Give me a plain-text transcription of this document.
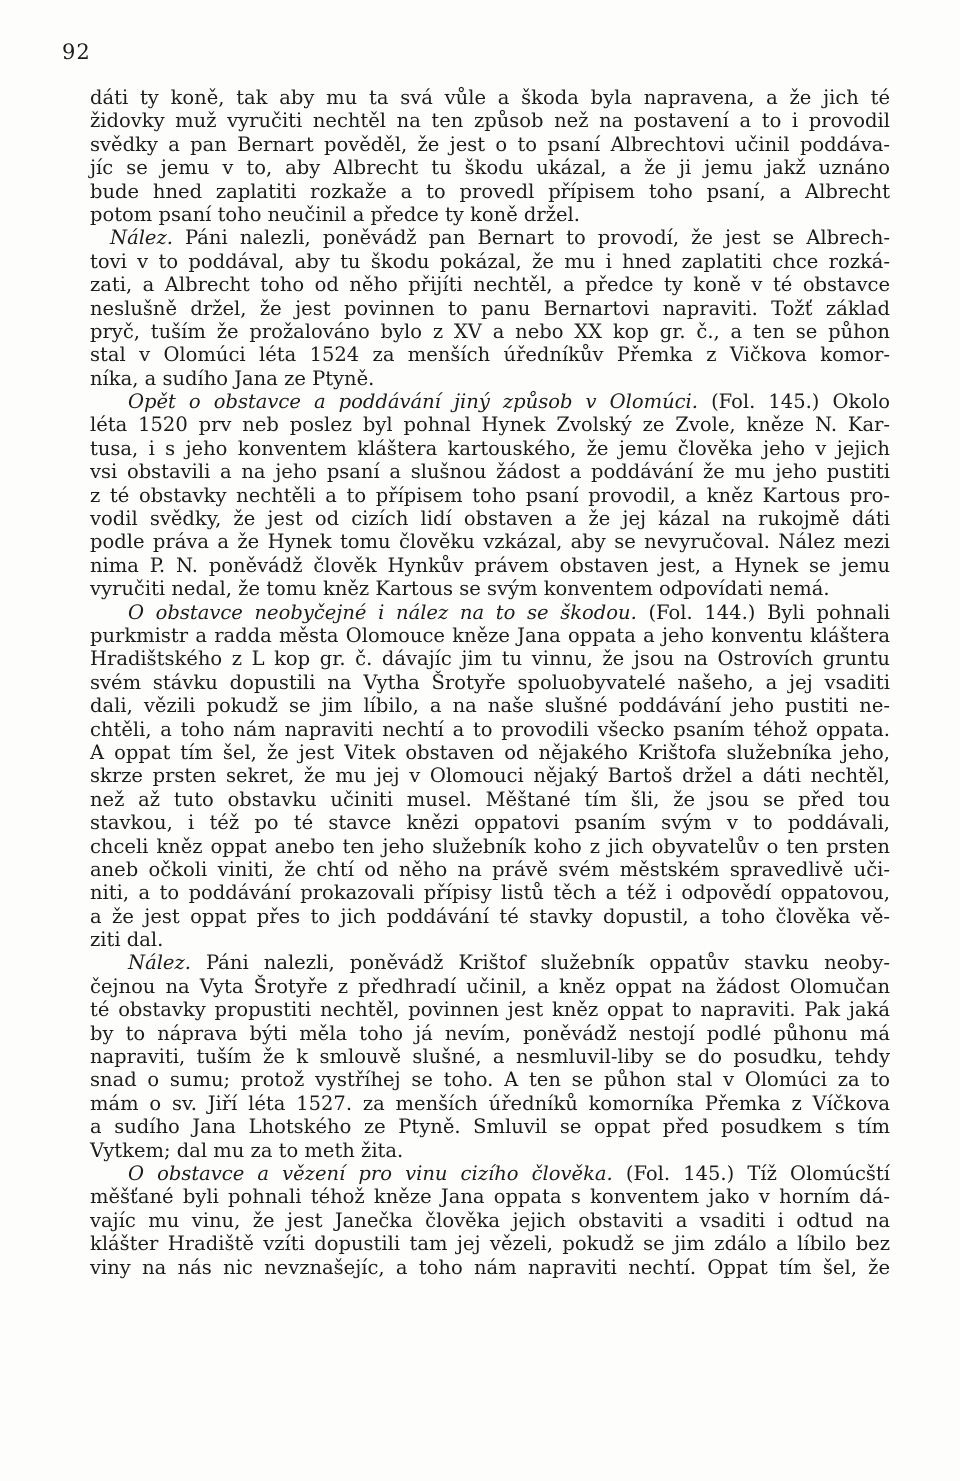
92
dáti ty koně, tak aby mu ta svá vůle a škoda byla napravena, a že jich té
židovky muž vyručiti nechtěl na ten způsob než na postavení a to i provodil
svědky a pan Bernart pověděl, že jest o to psaní Albrechtovi učinil poddáva-
jíc se jemu v to, aby Albrecht tu škodu ukázal, a že ji jemu jakž uznáno
bude hned zaplatiti rozkaže a to provedl přípisem toho psaní, a Albrecht
potom psaní toho neučinil a předce ty koně držel.
Nález. Páni nalezli, poněvádž pan Bernart to provodí, že jest se Albrech-
tovi v to poddával, aby tu škodu pokázal, že mu i hned zaplatiti chce rozká-
zati, a Albrecht toho od něho přijíti nechtěl, a předce ty koně v té obstavce
neslušně držel, že jest povinnen to panu Bernartovi napraviti. Tožť základ
pryč, tuším že prožalováno bylo z XV a nebo XX kop gr. č., a ten se půhon
stal v Olomúci léta 1524 za menších úředníkův Přemka z Vičkova komor-
níka, a sudího Jana ze Ptyně.
Opět o obstavce a poddávání jiný způsob v Olomúci. (Fol. 145.) Okolo
léta 1520 prv neb poslez byl pohnal Hynek Zvolský ze Zvole, kněze N. Kar-
tusa, i s jeho konventem kláštera kartouského, že jemu člověka jeho v jejich
vsi obstavili a na jeho psaní a slušnou žádost a poddávání že mu jeho pustiti
z té obstavky nechtěli a to přípisem toho psaní provodil, a kněz Kartous pro-
vodil svědky, že jest od cizích lidí obstaven a že jej kázal na rukojmě dáti
podle práva a že Hynek tomu člověku vzkázal, aby se nevyručoval. Nález mezi
nima P. N. poněvádž člověk Hynkův právem obstaven jest, a Hynek se jemu
vyručiti nedal, že tomu kněz Kartous se svým konventem odpovídati nemá.
O obstavce neobyčejné i nález na to se škodou. (Fol. 144.) Byli pohnali
purkmistr a radda města Olomouce kněze Jana oppata a jeho konventu kláštera
Hradištského z L kop gr. č. dávajíc jim tu vinnu, že jsou na Ostrovích gruntu
svém stávku dopustili na Vytha Šrotyře spoluobyvatelé našeho, a jej vsaditi
dali, vězili pokudž se jim líbilo, a na naše slušné poddávání jeho pustiti ne-
chtěli, a toho nám napraviti nechtí a to provodili všecko psaním téhož oppata.
A oppat tím šel, že jest Vitek obstaven od nějakého Krištofa služebníka jeho,
skrze prsten sekret, že mu jej v Olomouci nějaký Bartoš držel a dáti nechtěl,
než až tuto obstavku učiniti musel. Měštané tím šli, že jsou se před tou
stavkou, i též po té stavce knězi oppatovi psaním svým v to poddávali,
chceli kněz oppat anebo ten jeho služebník koho z jich obyvatelův o ten prsten
aneb očkoli viniti, že chtí od něho na právě svém městském spravedlivě uči-
niti, a to poddávání prokazovali přípisy listů těch a též i odpovědí oppatovou,
a že jest oppat přes to jich poddávání té stavky dopustil, a toho člověka vě-
ziti dal.
Nález. Páni nalezli, poněvádž Krištof služebník oppatův stavku neoby-
čejnou na Vyta Šrotyře z předhradí učinil, a kněz oppat na žádost Olomučan
té obstavky propustiti nechtěl, povinnen jest kněz oppat to napraviti. Pak jaká
by to náprava býti měla toho já nevím, poněvádž nestojí podlé půhonu má
napraviti, tuším že k smlouvě slušné, a nesmluvil-liby se do posudku, tehdy
snad o sumu; protož vystříhej se toho. A ten se půhon stal v Olomúci za to
mám o sv. Jiří léta 1527. za menších úředníků komorníka Přemka z Víčkova
a sudího Jana Lhotského ze Ptyně. Smluvil se oppat před posudkem s tím
Vytkem; dal mu za to meth žita.
O obstavce a vězení pro vinu cizího člověka. (Fol. 145.) Tíž Olomúcští
měšťané byli pohnali téhož kněze Jana oppata s konventem jako v horním dá-
vajíc mu vinu, že jest Janečka člověka jejich obstaviti a vsaditi i odtud na
klášter Hradiště vzíti dopustili tam jej vězeli, pokudž se jim zdálo a líbilo bez
viny na nás nic nevznašejíc, a toho nám napraviti nechtí. Oppat tím šel, že
